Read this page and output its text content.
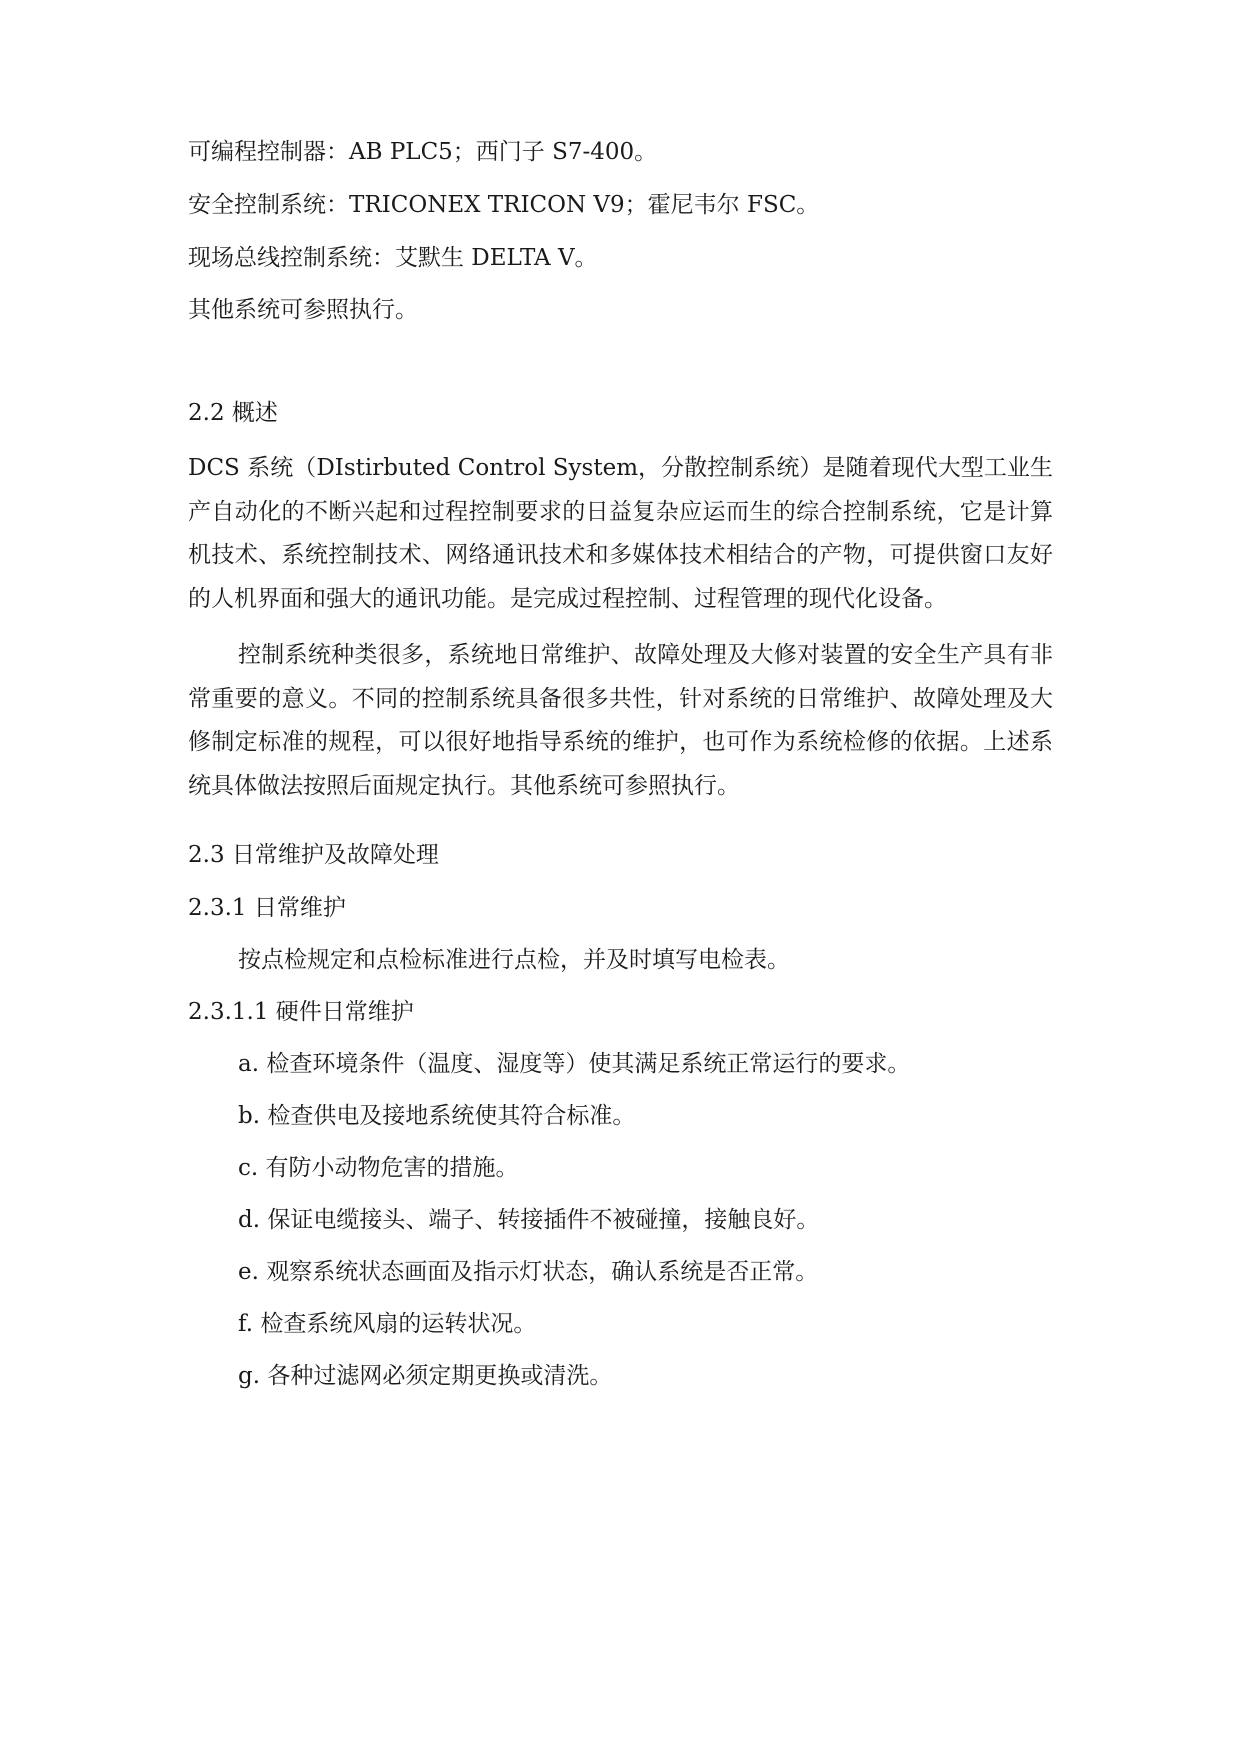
可编程控制器：AB PLC5；西门子 S7-400。
安全控制系统：TRICONEX TRICON V9；霍尼韦尔 FSC。
现场总线控制系统：艾默生 DELTA V。
其他系统可参照执行。
2.2 概述
DCS 系统（DIstirbuted Control System，分散控制系统）是随着现代大型工业生产自动化的不断兴起和过程控制要求的日益复杂应运而生的综合控制系统，它是计算机技术、系统控制技术、网络通讯技术和多媒体技术相结合的产物，可提供窗口友好的人机界面和强大的通讯功能。是完成过程控制、过程管理的现代化设备。
控制系统种类很多，系统地日常维护、故障处理及大修对装置的安全生产具有非常重要的意义。不同的控制系统具备很多共性，针对系统的日常维护、故障处理及大修制定标准的规程，可以很好地指导系统的维护，也可作为系统检修的依据。上述系统具体做法按照后面规定执行。其他系统可参照执行。
2.3 日常维护及故障处理
2.3.1 日常维护
按点检规定和点检标准进行点检，并及时填写电检表。
2.3.1.1 硬件日常维护
a. 检查环境条件（温度、湿度等）使其满足系统正常运行的要求。
b. 检查供电及接地系统使其符合标准。
c. 有防小动物危害的措施。
d. 保证电缆接头、端子、转接插件不被碰撞，接触良好。
e. 观察系统状态画面及指示灯状态，确认系统是否正常。
f. 检查系统风扇的运转状况。
g. 各种过滤网必须定期更换或清洗。
